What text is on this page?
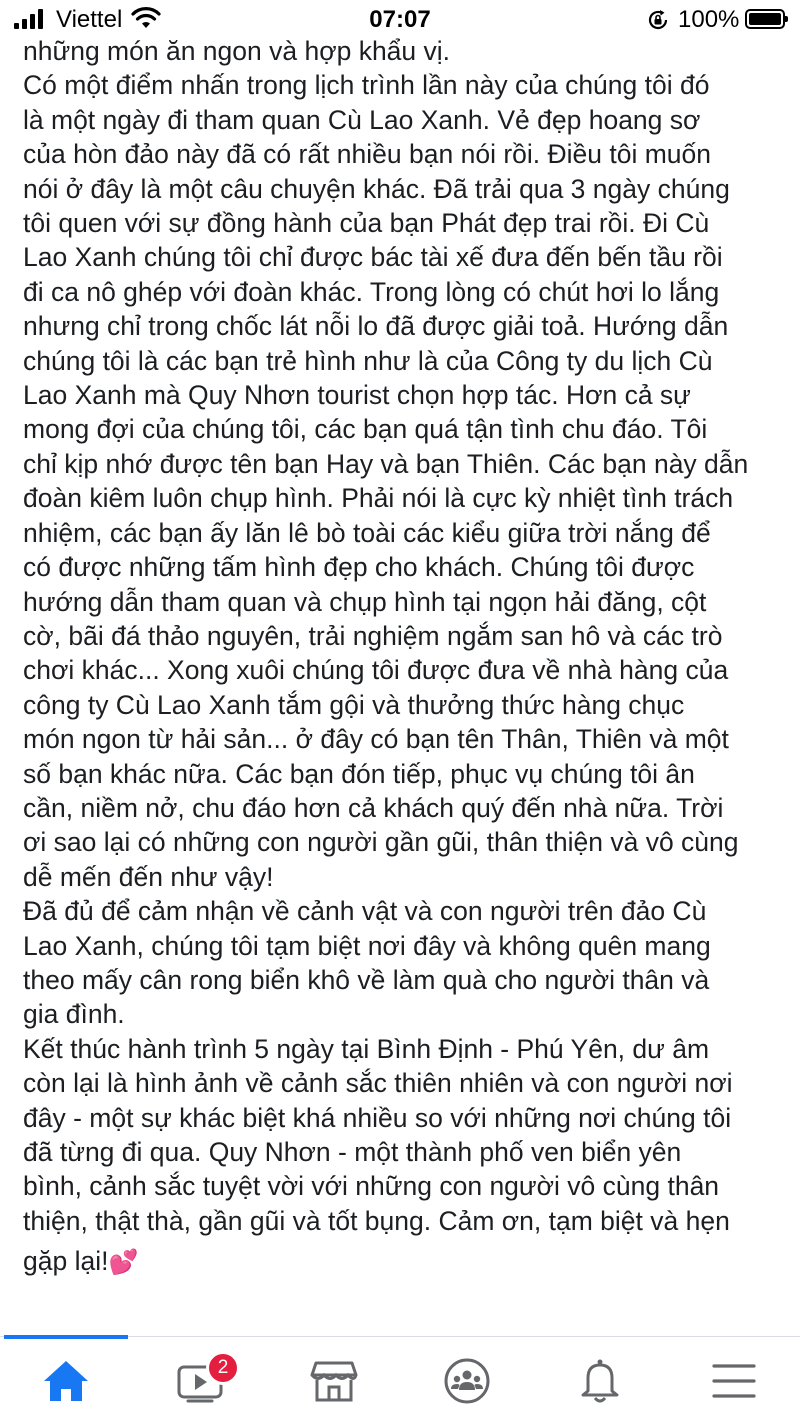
Viettel	07:07	100%

những món ăn ngon và hợp khẩu vị.

Có một điểm nhấn trong lịch trình lần này của chúng tôi đó

là một ngày đi tham quan Cù Lao Xanh. Vẻ đẹp hoang sơ

của hòn đảo này đã có rất nhiều bạn nói rồi. Điều tôi muốn

nói ở đây là một câu chuyện khác. Đã trải qua 3 ngày chúng

tôi quen với sự đồng hành của bạn Phát đẹp trai rồi. Đi Cù

Lao Xanh chúng tôi chỉ được bác tài xế đưa đến bến tầu rồi

đi ca nô ghép với đoàn khác. Trong lòng có chút hơi lo lắng

nhưng chỉ trong chốc lát nỗi lo đã được giải toả. Hướng dẫn

chúng tôi là các bạn trẻ hình như là của Công ty du lịch Cù

Lao Xanh mà Quy Nhơn tourist chọn hợp tác. Hơn cả sự

mong đợi của chúng tôi, các bạn quá tận tình chu đáo. Tôi

chỉ kịp nhớ được tên bạn Hay và bạn Thiên. Các bạn này dẫn

đoàn kiêm luôn chụp hình. Phải nói là cực kỳ nhiệt tình trách

nhiệm, các bạn ấy lăn lê bò toài các kiểu giữa trời nắng để

có được những tấm hình đẹp cho khách. Chúng tôi được

hướng dẫn tham quan và chụp hình tại ngọn hải đăng, cột

cờ, bãi đá thảo nguyên, trải nghiệm ngắm san hô và các trò

chơi khác... Xong xuôi chúng tôi được đưa về nhà hàng của

công ty Cù Lao Xanh tắm gội và thưởng thức hàng chục

món ngon từ hải sản... ở đây có bạn tên Thân, Thiên và một

số bạn khác nữa. Các bạn đón tiếp, phục vụ chúng tôi ân

cần, niềm nở, chu đáo hơn cả khách quý đến nhà nữa. Trời

ơi sao lại có những con người gần gũi, thân thiện và vô cùng

dễ mến đến như vậy!

Đã đủ để cảm nhận về cảnh vật và con người trên đảo Cù

Lao Xanh, chúng tôi tạm biệt nơi đây và không quên mang

theo mấy cân rong biển khô về làm quà cho người thân và

gia đình.

Kết thúc hành trình 5 ngày tại Bình Định - Phú Yên, dư âm

còn lại là hình ảnh về cảnh sắc thiên nhiên và con người nơi

đây - một sự khác biệt khá nhiều so với những nơi chúng tôi

đã từng đi qua. Quy Nhơn - một thành phố ven biển yên

bình, cảnh sắc tuyệt vời với những con người vô cùng thân

thiện, thật thà, gần gũi và tốt bụng. Cảm ơn, tạm biệt và hẹn

gặp lại!💕

2
